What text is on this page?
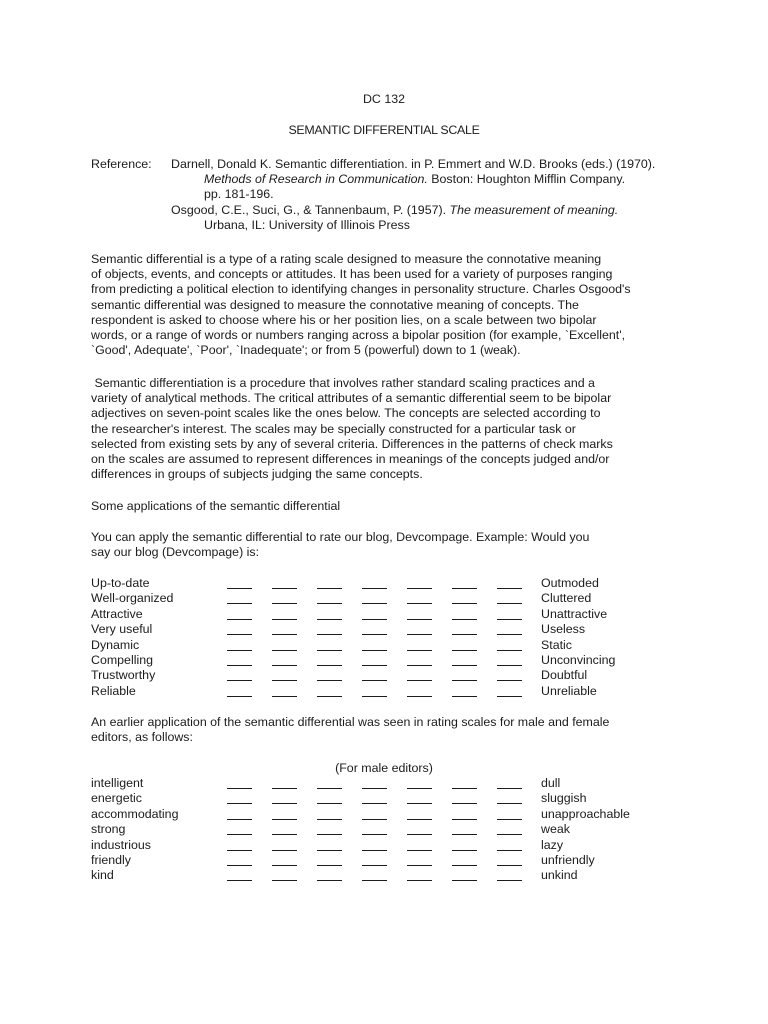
DC 132
SEMANTIC DIFFERENTIAL SCALE
Reference: Darnell, Donald K. Semantic differentiation. in P. Emmert and W.D. Brooks (eds.) (1970).
Methods of Research in Communication. Boston: Houghton Mifflin Company.
pp. 181-196.
Osgood, C.E., Suci, G., & Tannenbaum, P. (1957). The measurement of meaning.
Urbana, IL: University of Illinois Press
Semantic differential is a type of a rating scale designed to measure the connotative meaning
of objects, events, and concepts or attitudes. It has been used for a variety of purposes ranging
from predicting a political election to identifying changes in personality structure. Charles Osgood's
semantic differential was designed to measure the connotative meaning of concepts. The
respondent is asked to choose where his or her position lies, on a scale between two bipolar
words, or a range of words or numbers ranging across a bipolar position (for example, `Excellent',
`Good', Adequate', `Poor', `Inadequate'; or from 5 (powerful) down to 1 (weak).
Semantic differentiation is a procedure that involves rather standard scaling practices and a
variety of analytical methods. The critical attributes of a semantic differential seem to be bipolar
adjectives on seven-point scales like the ones below. The concepts are selected according to
the researcher's interest. The scales may be specially constructed for a particular task or
selected from existing sets by any of several criteria. Differences in the patterns of check marks
on the scales are assumed to represent differences in meanings of the concepts judged and/or
differences in groups of subjects judging the same concepts.
Some applications of the semantic differential
You can apply the semantic differential to rate our blog, Devcompage. Example: Would you
say our blog (Devcompage) is:
Up-to-date	Outmoded
Well-organized	Cluttered
Attractive	Unattractive
Very useful	Useless
Dynamic	Static
Compelling	Unconvincing
Trustworthy	Doubtful
Reliable	Unreliable
An earlier application of the semantic differential was seen in rating scales for male and female
editors, as follows:
(For male editors)
intelligent	dull
energetic	sluggish
accommodating	unapproachable
strong	weak
industrious	lazy
friendly	unfriendly
kind	unkind
